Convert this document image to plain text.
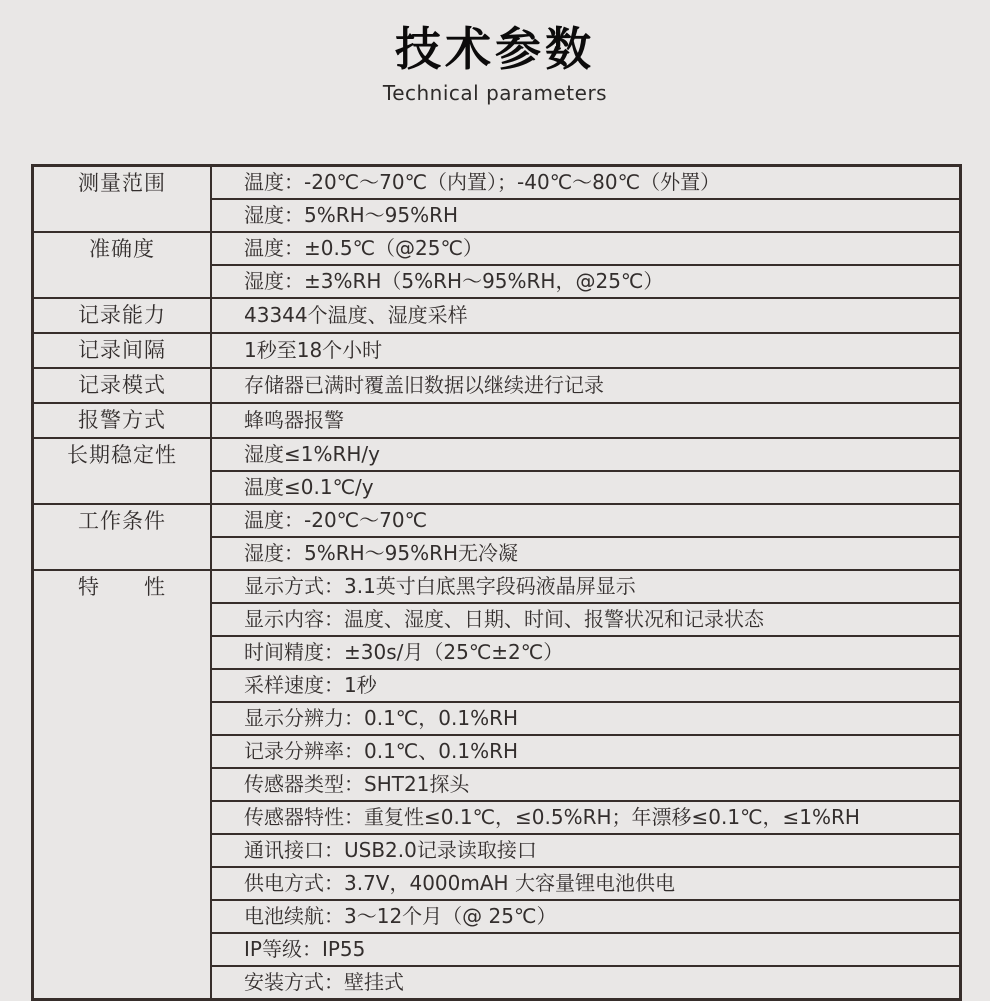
技术参数
Technical parameters
测量范围	温度：-20℃～70℃（内置）；-40℃～80℃（外置）
	湿度：5%RH～95%RH
准确度	温度：±0.5℃（@25℃）
	湿度：±3%RH（5%RH～95%RH，@25℃）
记录能力	43344个温度、湿度采样
记录间隔	1秒至18个小时
记录模式	存储器已满时覆盖旧数据以继续进行记录
报警方式	蜂鸣器报警
长期稳定性	湿度≤1%RH/y
	温度≤0.1℃/y
工作条件	温度：-20℃～70℃
	湿度：5%RH～95%RH无冷凝
特　　性	显示方式：3.1英寸白底黑字段码液晶屏显示
	显示内容：温度、湿度、日期、时间、报警状况和记录状态
	时间精度：±30s/月（25℃±2℃）
	采样速度：1秒
	显示分辨力：0.1℃，0.1%RH
	记录分辨率：0.1℃、0.1%RH
	传感器类型：SHT21探头
	传感器特性：重复性≤0.1℃，≤0.5%RH；年漂移≤0.1℃，≤1%RH
	通讯接口：USB2.0记录读取接口
	供电方式：3.7V，4000mAH 大容量锂电池供电
	电池续航：3～12个月（@ 25℃）
	IP等级：IP55
	安装方式：壁挂式
